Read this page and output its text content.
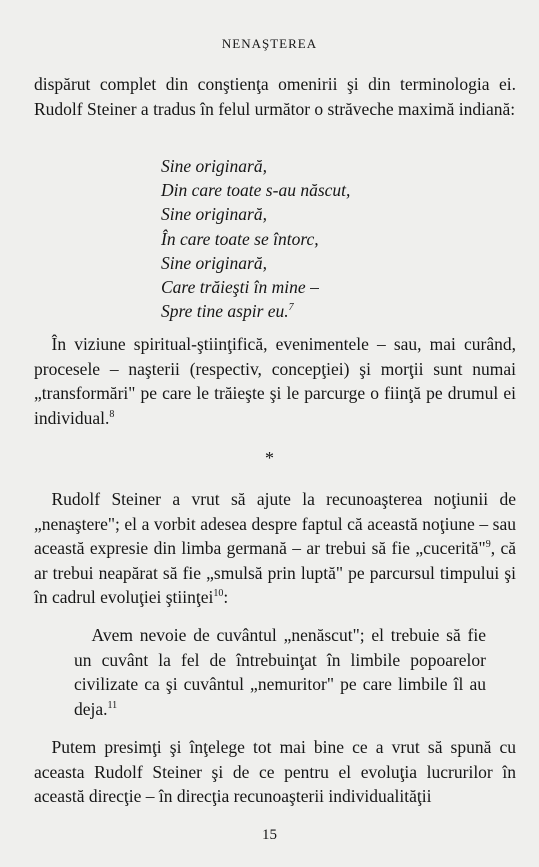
NENAŞTEREA

dispărut complet din conştienţa omenirii şi din terminologia ei. Rudolf Steiner a tradus în felul următor o străveche maximă indiană:

Sine originară,
Din care toate s-au născut,
Sine originară,
În care toate se întorc,
Sine originară,
Care trăieşti în mine –
Spre tine aspir eu.$^7$

 În viziune spiritual-ştiinţifică, evenimentele – sau, mai curând, procesele – naşterii (respectiv, concepţiei) şi morţii sunt numai „transformări" pe care le trăieşte şi le parcurge o fiinţă pe drumul ei individual.$^8$

*

 Rudolf Steiner a vrut să ajute la recunoaşterea noţiunii de „nenaştere"; el a vorbit adesea despre faptul că această noţiune – sau această expresie din limba germană – ar trebui să fie „cucerită"$^9$, că ar trebui neapărat să fie „smulsă prin luptă" pe parcursul timpului şi în cadrul evoluţiei ştiinţei$^{10}$:

 Avem nevoie de cuvântul „nenăscut"; el trebuie să fie un cuvânt la fel de întrebuinţat în limbile popoarelor civilizate ca şi cuvântul „nemuritor" pe care limbile îl au deja.$^{11}$

 Putem presimţi şi înţelege tot mai bine ce a vrut să spună cu aceasta Rudolf Steiner şi de ce pentru el evoluţia lucrurilor în această direcţie – în direcţia recunoaşterii individualităţii

15
